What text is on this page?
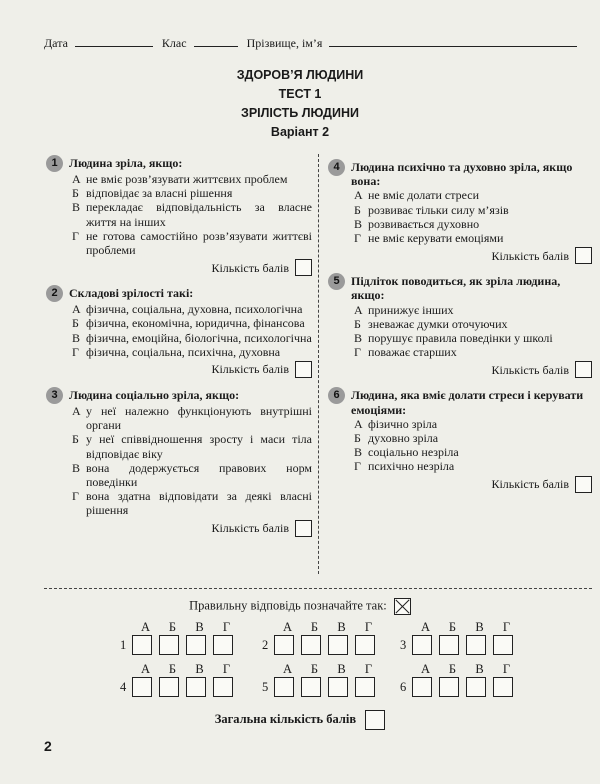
Дата	Клас	Прізвище, ім’я
ЗДОРОВ’Я ЛЮДИНИ
ТЕСТ 1
ЗРІЛІСТЬ ЛЮДИНИ
Варіант 2
1 Людина зріла, якщо:
А не вміє розв’язувати життєвих проблем
Б відповідає за власні рішення
В перекладає відповідальність за власне життя на інших
Г не готова самостійно розв’язувати життєві проблеми
Кількість балів
2 Складові зрілості такі:
А фізична, соціальна, духовна, психологічна
Б фізична, економічна, юридична, фінансова
В фізична, емоційна, біологічна, психологічна
Г фізична, соціальна, психічна, духовна
Кількість балів
3 Людина соціально зріла, якщо:
А у неї належно функціонують внутрішні органи
Б у неї співвідношення зросту і маси тіла відповідає віку
В вона додержується правових норм поведінки
Г вона здатна відповідати за деякі власні рішення
Кількість балів
4 Людина психічно та духовно зріла, якщо вона:
А не вміє долати стреси
Б розвиває тільки силу м’язів
В розвивається духовно
Г не вміє керувати емоціями
Кількість балів
5 Підліток поводиться, як зріла людина, якщо:
А принижує інших
Б зневажає думки оточуючих
В порушує правила поведінки у школі
Г поважає старших
Кількість балів
6 Людина, яка вміє долати стреси і керувати емоціями:
А фізично зріла
Б духовно зріла
В соціально незріла
Г психічно незріла
Кількість балів
Правильну відповідь позначайте так:
А	Б	В	Г
1
А	Б	В	Г
2
А	Б	В	Г
3
А	Б	В	Г
4
А	Б	В	Г
5
А	Б	В	Г
6
Загальна кількість балів
2
